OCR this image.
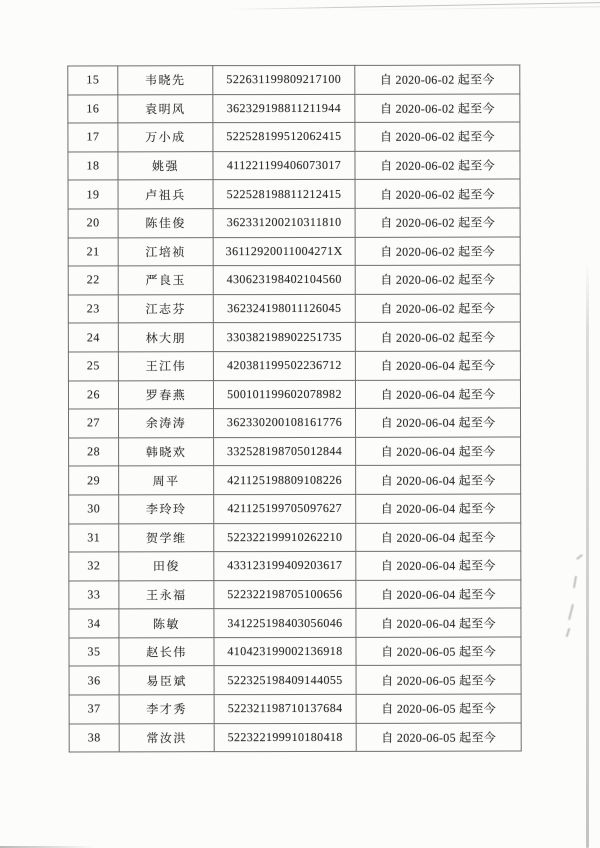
15	韦晓先	522631199809217100	自 2020-06-02 起至今
16	袁明风	362329198811211944	自 2020-06-02 起至今
17	万小成	522528199512062415	自 2020-06-02 起至今
18	姚强	411221199406073017	自 2020-06-02 起至今
19	卢祖兵	522528198811212415	自 2020-06-02 起至今
20	陈佳俊	362331200210311810	自 2020-06-02 起至今
21	江培祯	36112920011004271X	自 2020-06-02 起至今
22	严良玉	430623198402104560	自 2020-06-02 起至今
23	江志芬	362324198011126045	自 2020-06-02 起至今
24	林大朋	330382198902251735	自 2020-06-02 起至今
25	王江伟	420381199502236712	自 2020-06-04 起至今
26	罗春燕	500101199602078982	自 2020-06-04 起至今
27	余涛涛	362330200108161776	自 2020-06-04 起至今
28	韩晓欢	332528198705012844	自 2020-06-04 起至今
29	周平	421125198809108226	自 2020-06-04 起至今
30	李玲玲	421125199705097627	自 2020-06-04 起至今
31	贺学维	522322199910262210	自 2020-06-04 起至今
32	田俊	433123199409203617	自 2020-06-04 起至今
33	王永福	522322198705100656	自 2020-06-04 起至今
34	陈敏	341225198403056046	自 2020-06-04 起至今
35	赵长伟	410423199002136918	自 2020-06-05 起至今
36	易臣斌	522325198409144055	自 2020-06-05 起至今
37	李才秀	522321198710137684	自 2020-06-05 起至今
38	常汝洪	522322199910180418	自 2020-06-05 起至今
